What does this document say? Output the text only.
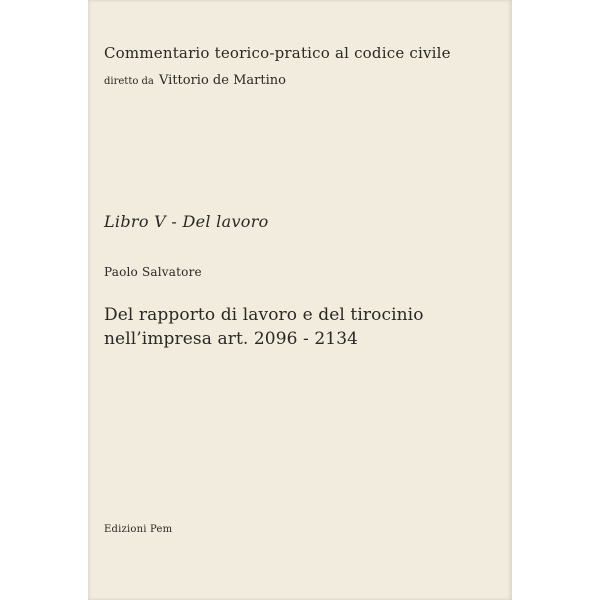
Commentario teorico-pratico al codice civile

diretto da Vittorio de Martino

Libro V - Del lavoro

Paolo Salvatore

Del rapporto di lavoro e del tirocinio
nell’impresa art. 2096 - 2134

Edizioni Pem
